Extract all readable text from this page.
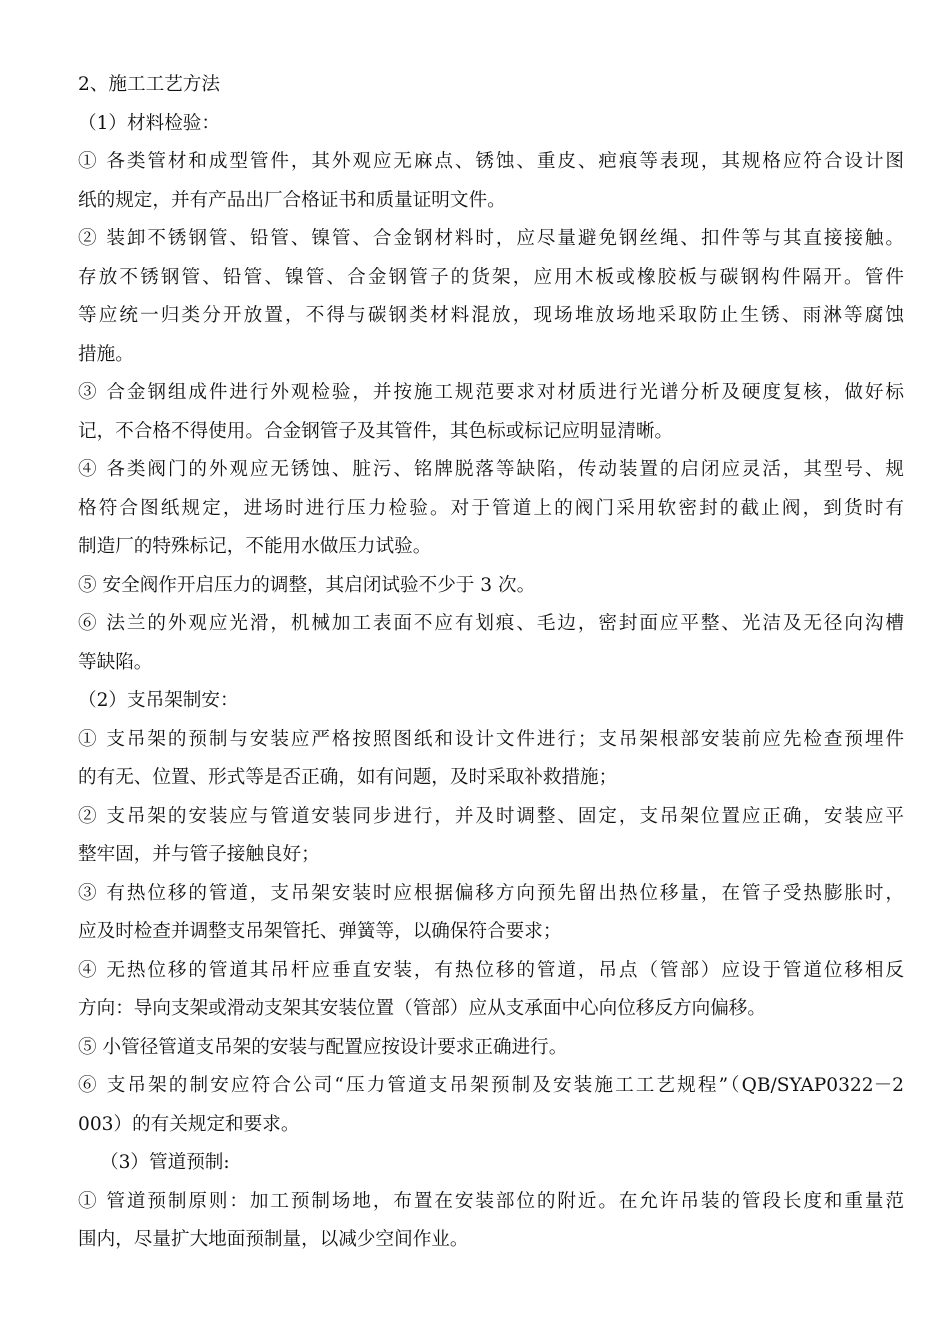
2、施工工艺方法
（1）材料检验：
① 各类管材和成型管件，其外观应无麻点、锈蚀、重皮、疤痕等表现，其规格应符合设计图
纸的规定，并有产品出厂合格证书和质量证明文件。
② 装卸不锈钢管、铅管、镍管、合金钢材料时，应尽量避免钢丝绳、扣件等与其直接接触。
存放不锈钢管、铅管、镍管、合金钢管子的货架，应用木板或橡胶板与碳钢构件隔开。管件
等应统一归类分开放置，不得与碳钢类材料混放，现场堆放场地采取防止生锈、雨淋等腐蚀
措施。
③ 合金钢组成件进行外观检验，并按施工规范要求对材质进行光谱分析及硬度复核，做好标
记，不合格不得使用。合金钢管子及其管件，其色标或标记应明显清晰。
④ 各类阀门的外观应无锈蚀、脏污、铭牌脱落等缺陷，传动装置的启闭应灵活，其型号、规
格符合图纸规定，进场时进行压力检验。对于管道上的阀门采用软密封的截止阀，到货时有
制造厂的特殊标记，不能用水做压力试验。
⑤ 安全阀作开启压力的调整，其启闭试验不少于 3 次。
⑥ 法兰的外观应光滑，机械加工表面不应有划痕、毛边，密封面应平整、光洁及无径向沟槽
等缺陷。
（2）支吊架制安：
① 支吊架的预制与安装应严格按照图纸和设计文件进行；支吊架根部安装前应先检查预埋件
的有无、位置、形式等是否正确，如有问题，及时采取补救措施；
② 支吊架的安装应与管道安装同步进行，并及时调整、固定，支吊架位置应正确，安装应平
整牢固，并与管子接触良好；
③ 有热位移的管道，支吊架安装时应根据偏移方向预先留出热位移量，在管子受热膨胀时，
应及时检查并调整支吊架管托、弹簧等，以确保符合要求；
④ 无热位移的管道其吊杆应垂直安装，有热位移的管道，吊点（管部）应设于管道位移相反
方向：导向支架或滑动支架其安装位置（管部）应从支承面中心向位移反方向偏移。
⑤ 小管径管道支吊架的安装与配置应按设计要求正确进行。
⑥ 支吊架的制安应符合公司“压力管道支吊架预制及安装施工工艺规程”（QB/SYAP0322－2
003）的有关规定和要求。
（3）管道预制:
① 管道预制原则：加工预制场地，布置在安装部位的附近。在允许吊装的管段长度和重量范
围内，尽量扩大地面预制量，以减少空间作业。
